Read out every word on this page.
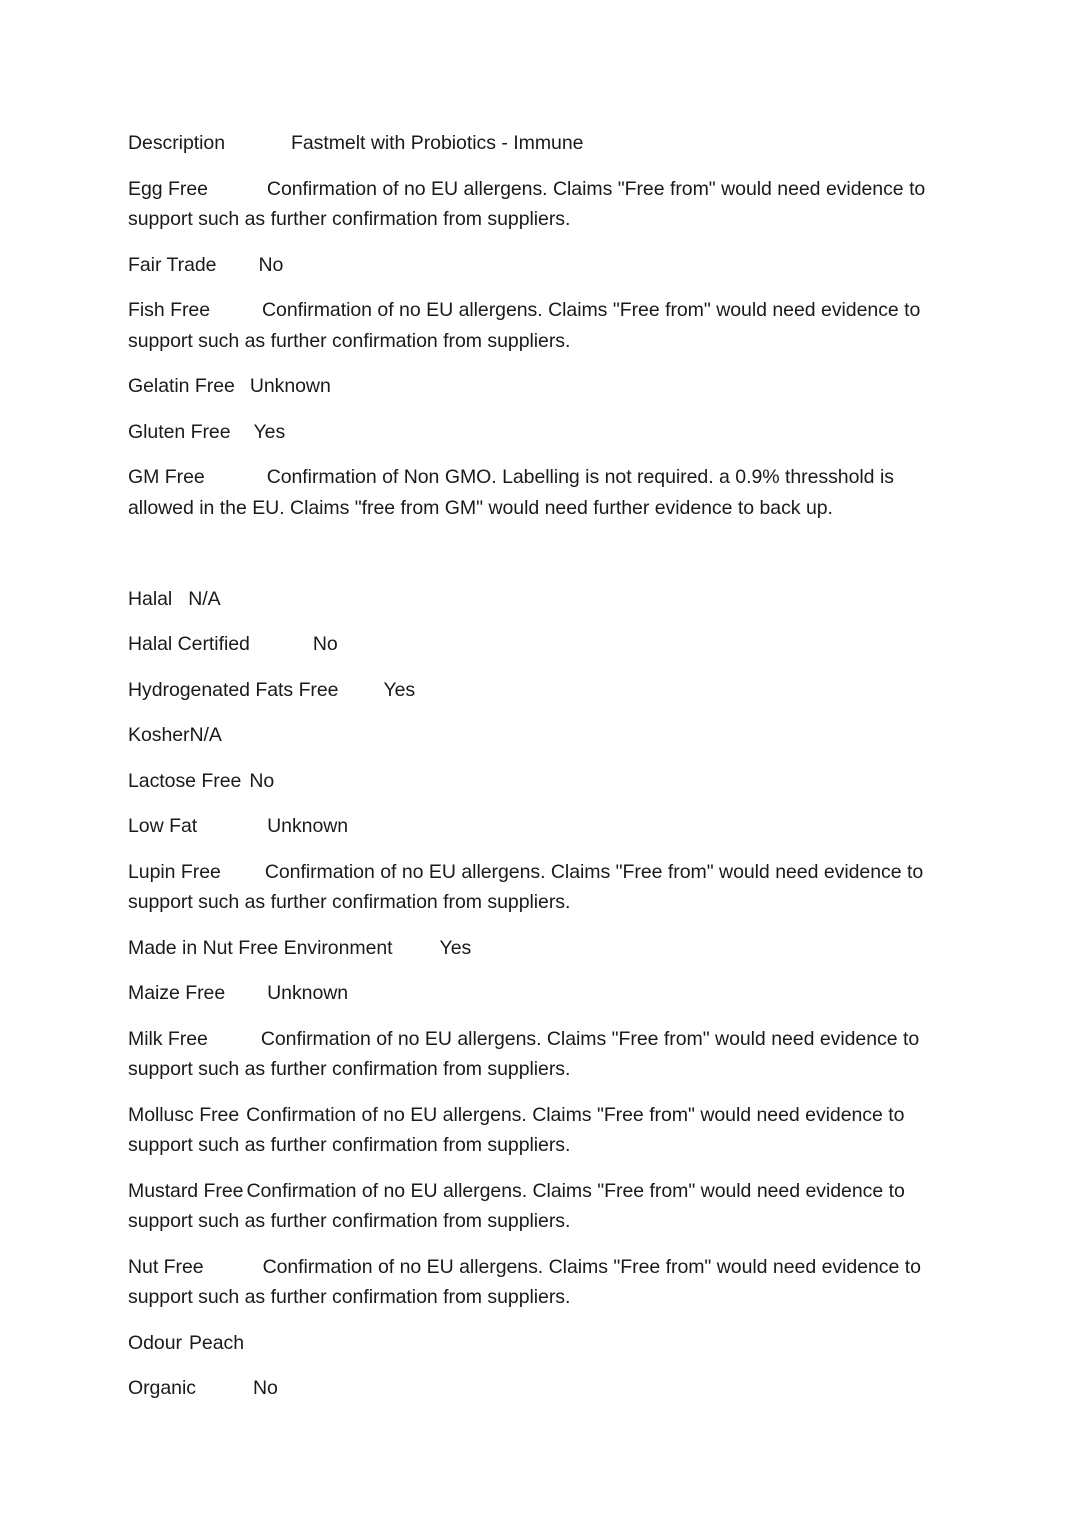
Description	Fastmelt with Probiotics - Immune

Egg Free	Confirmation of no EU allergens. Claims "Free from" would need evidence to support such as further confirmation from suppliers.

Fair Trade No

Fish Free	Confirmation of no EU allergens. Claims "Free from" would need evidence to support such as further confirmation from suppliers.

Gelatin Free Unknown

Gluten Free Yes

GM Free	Confirmation of Non GMO. Labelling is not required. a 0.9% thresshold is allowed in the EU. Claims "free from GM" would need further evidence to back up.

Halal N/A

Halal Certified	No

Hydrogenated Fats Free Yes

KosherN/A

Lactose Free No

Low Fat	Unknown

Lupin Free Confirmation of no EU allergens. Claims "Free from" would need evidence to support such as further confirmation from suppliers.

Made in Nut Free Environment Yes

Maize Free Unknown

Milk Free	Confirmation of no EU allergens. Claims "Free from" would need evidence to support such as further confirmation from suppliers.

Mollusc Free Confirmation of no EU allergens. Claims "Free from" would need evidence to support such as further confirmation from suppliers.

Mustard Free Confirmation of no EU allergens. Claims "Free from" would need evidence to support such as further confirmation from suppliers.

Nut Free	Confirmation of no EU allergens. Claims "Free from" would need evidence to support such as further confirmation from suppliers.

Odour Peach

Organic	No
